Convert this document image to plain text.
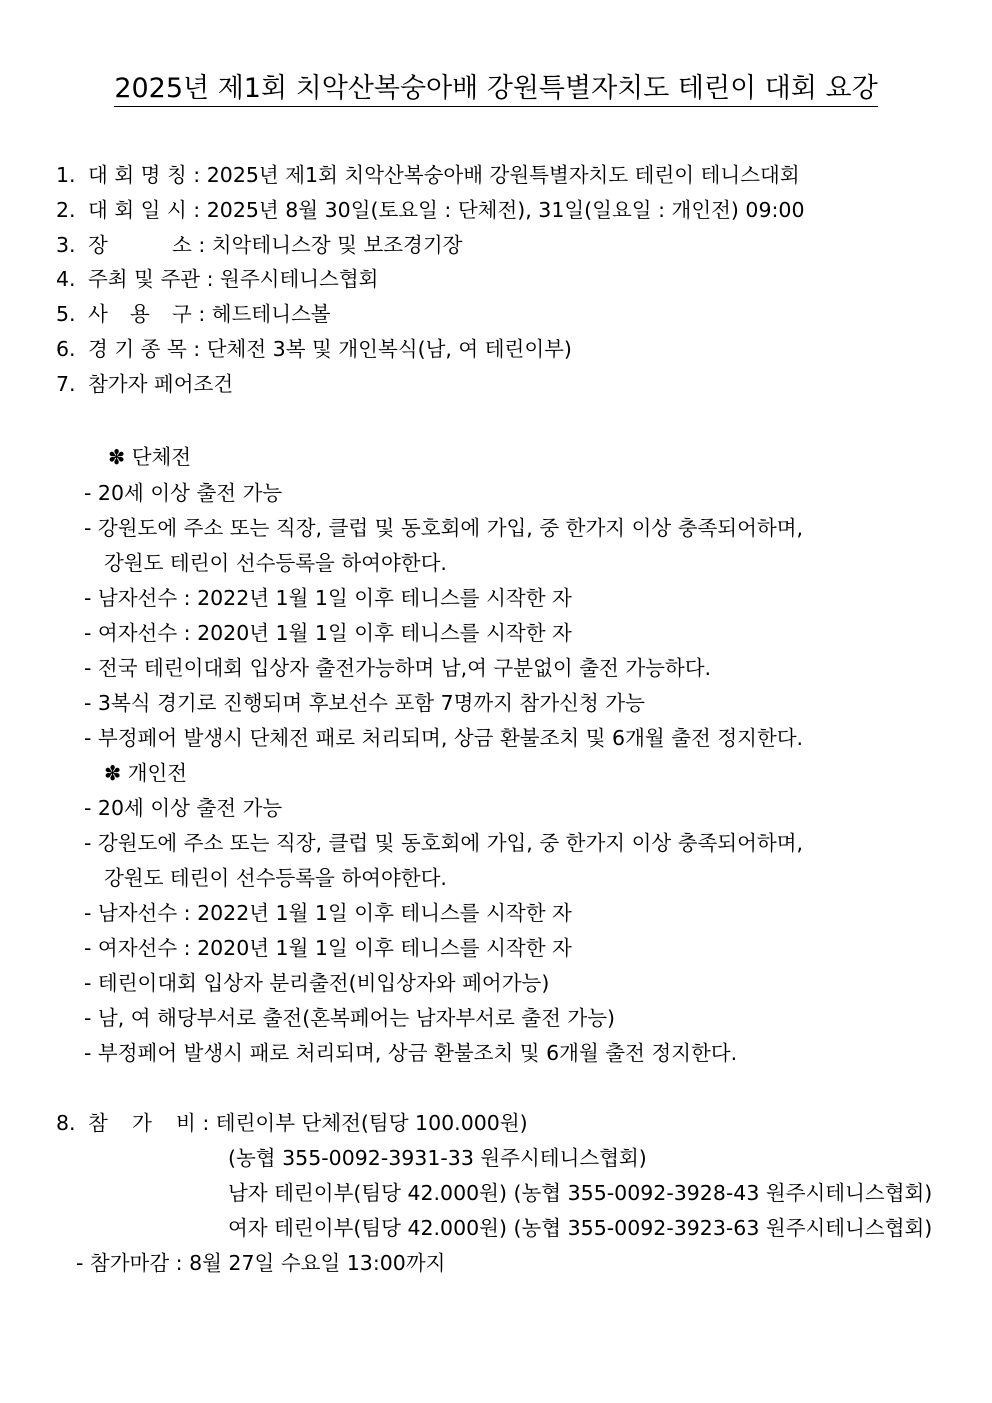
2025년 제1회 치악산복숭아배 강원특별자치도 테린이 대회 요강
1. 대 회 명 칭 : 2025년 제1회 치악산복숭아배 강원특별자치도 테린이 테니스대회
2. 대 회 일 시 : 2025년 8월 30일(토요일 : 단체전), 31일(일요일 : 개인전) 09:00
3. 장	소 : 치악테니스장 및 보조경기장
4. 주최 및 주관 : 원주시테니스협회
5. 사 용 구 : 헤드테니스볼
6. 경 기 종 목 : 단체전 3복 및 개인복식(남, 여 테린이부)
7. 참가자 페어조건
✽ 단체전
- 20세 이상 출전 가능
- 강원도에 주소 또는 직장, 클럽 및 동호회에 가입, 중 한가지 이상 충족되어하며,
강원도 테린이 선수등록을 하여야한다.
- 남자선수 : 2022년 1월 1일 이후 테니스를 시작한 자
- 여자선수 : 2020년 1월 1일 이후 테니스를 시작한 자
- 전국 테린이대회 입상자 출전가능하며 남,여 구분없이 출전 가능하다.
- 3복식 경기로 진행되며 후보선수 포함 7명까지 참가신청 가능
- 부정페어 발생시 단체전 패로 처리되며, 상금 환불조치 및 6개월 출전 정지한다.
✽ 개인전
- 20세 이상 출전 가능
- 강원도에 주소 또는 직장, 클럽 및 동호회에 가입, 중 한가지 이상 충족되어하며,
강원도 테린이 선수등록을 하여야한다.
- 남자선수 : 2022년 1월 1일 이후 테니스를 시작한 자
- 여자선수 : 2020년 1월 1일 이후 테니스를 시작한 자
- 테린이대회 입상자 분리출전(비입상자와 페어가능)
- 남, 여 해당부서로 출전(혼복페어는 남자부서로 출전 가능)
- 부정페어 발생시 패로 처리되며, 상금 환불조치 및 6개월 출전 정지한다.
8. 참 가 비 : 테린이부 단체전(팀당 100.000원)
(농협 355-0092-3931-33 원주시테니스협회)
남자 테린이부(팀당 42.000원) (농협 355-0092-3928-43 원주시테니스협회)
여자 테린이부(팀당 42.000원) (농협 355-0092-3923-63 원주시테니스협회)
- 참가마감 : 8월 27일 수요일 13:00까지
